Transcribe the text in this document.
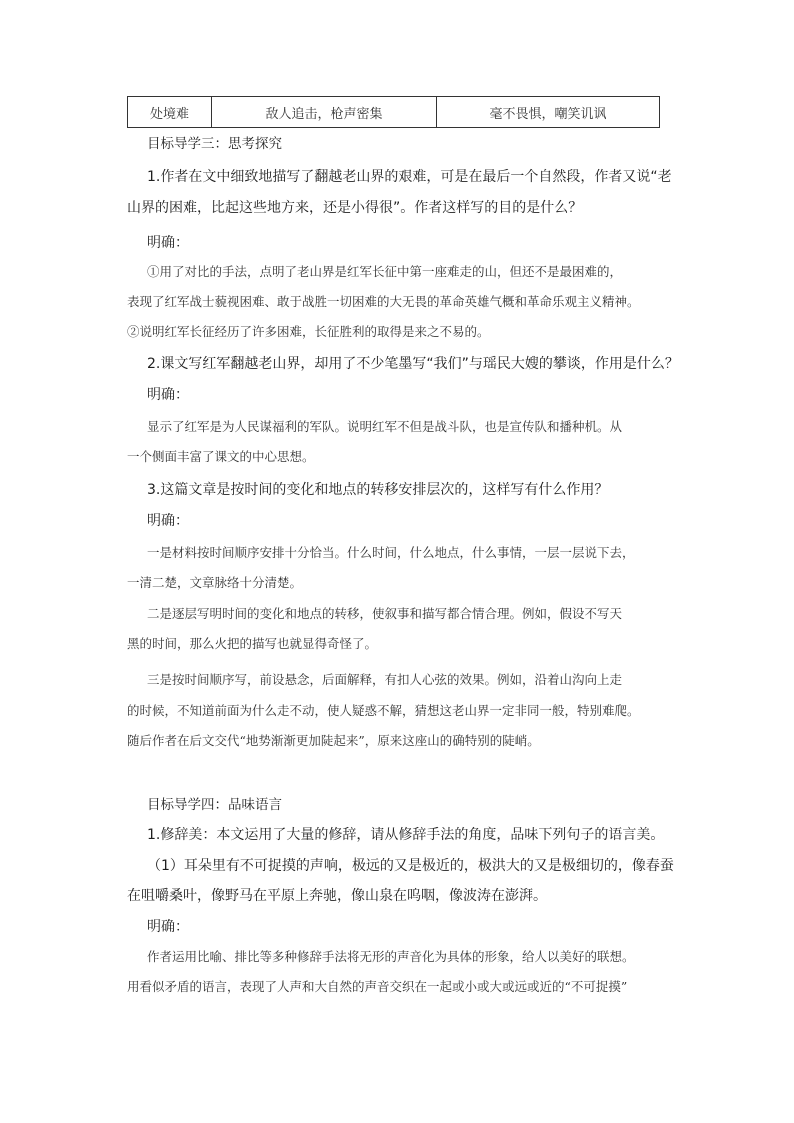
处境难	敌人追击，枪声密集	毫不畏惧，嘲笑讥讽
目标导学三：思考探究
1.作者在文中细致地描写了翻越老山界的艰难，可是在最后一个自然段，作者又说“老
山界的困难，比起这些地方来，还是小得很”。作者这样写的目的是什么？
明确：
①用了对比的手法，点明了老山界是红军长征中第一座难走的山，但还不是最困难的，
表现了红军战士藐视困难、敢于战胜一切困难的大无畏的革命英雄气概和革命乐观主义精神。
②说明红军长征经历了许多困难，长征胜利的取得是来之不易的。
2.课文写红军翻越老山界，却用了不少笔墨写“我们”与瑶民大嫂的攀谈，作用是什么？
明确：
显示了红军是为人民谋福利的军队。说明红军不但是战斗队，也是宣传队和播种机。从
一个侧面丰富了课文的中心思想。
3.这篇文章是按时间的变化和地点的转移安排层次的，这样写有什么作用？
明确：
一是材料按时间顺序安排十分恰当。什么时间，什么地点，什么事情，一层一层说下去，
一清二楚，文章脉络十分清楚。
二是逐层写明时间的变化和地点的转移，使叙事和描写都合情合理。例如，假设不写天
黑的时间，那么火把的描写也就显得奇怪了。
三是按时间顺序写，前设悬念，后面解释，有扣人心弦的效果。例如，沿着山沟向上走
的时候，不知道前面为什么走不动，使人疑惑不解，猜想这老山界一定非同一般，特别难爬。
随后作者在后文交代“地势渐渐更加陡起来”，原来这座山的确特别的陡峭。
目标导学四：品味语言
1.修辞美：本文运用了大量的修辞，请从修辞手法的角度，品味下列句子的语言美。
（1）耳朵里有不可捉摸的声响，极远的又是极近的，极洪大的又是极细切的，像春蚕
在咀嚼桑叶，像野马在平原上奔驰，像山泉在呜咽，像波涛在澎湃。
明确：
作者运用比喻、排比等多种修辞手法将无形的声音化为具体的形象，给人以美好的联想。
用看似矛盾的语言，表现了人声和大自然的声音交织在一起或小或大或远或近的“不可捉摸”
